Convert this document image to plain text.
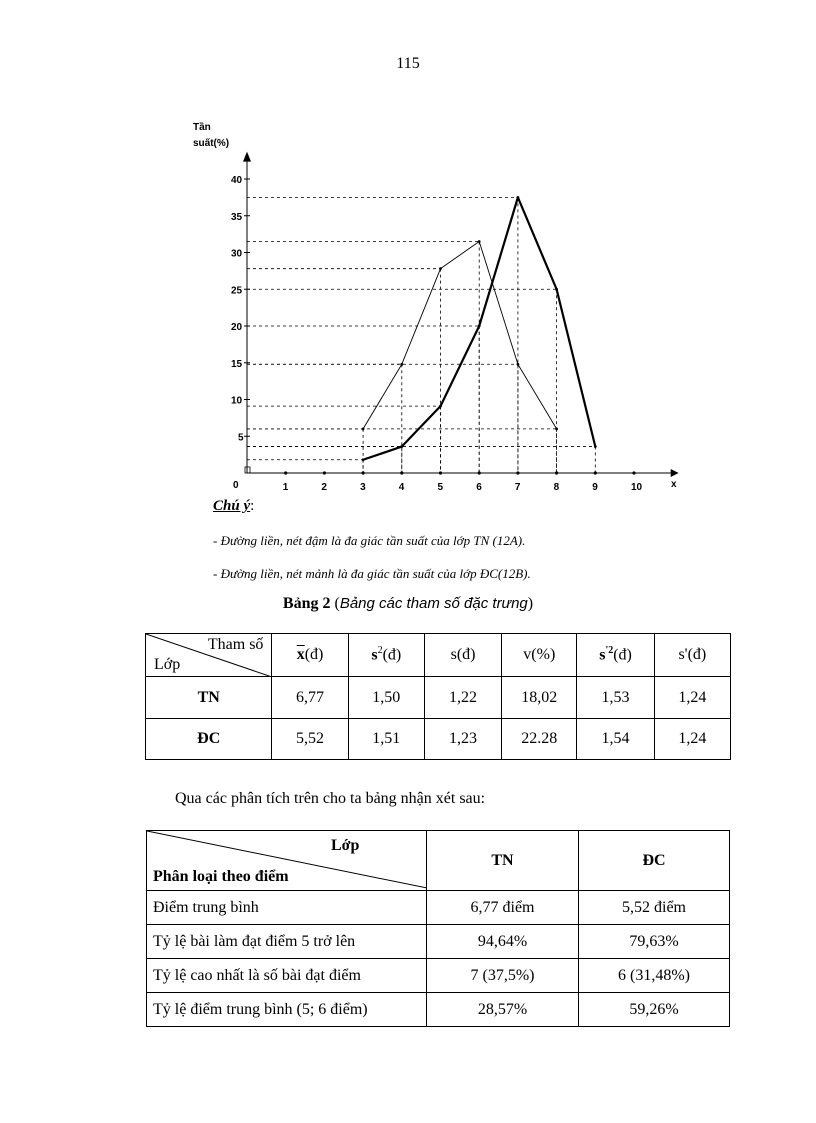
115
Tần
suất(%)
x
0	1	2	3	4	5	6	7	8	9	10
5
10
15
20
25
30
35
40
Chú ý:
- Đường liền, nét đậm là đa giác tần suất của lớp TN (12A).
- Đường liền, nét mảnh là đa giác tần suất của lớp ĐC(12B).
Bảng 2 (Bảng các tham số đặc trưng)
Tham số
Lớp	$\overline{x}(đ)$	$s^2(đ)$	s(đ)	v(%)	$s^{'2}(đ)$	s'(đ)
TN	6,77	1,50	1,22	18,02	1,53	1,24
ĐC	5,52	1,51	1,23	22.28	1,54	1,24
Qua các phân tích trên cho ta bảng nhận xét sau:
Lớp
Phân loại theo điểm	TN	ĐC
Điểm trung bình	6,77 điểm	5,52 điểm
Tỷ lệ bài làm đạt điểm 5 trở lên	94,64%	79,63%
Tỷ lệ cao nhất là số bài đạt điểm	7 (37,5%)	6 (31,48%)
Tỷ lệ điểm trung bình (5; 6 điểm)	28,57%	59,26%
